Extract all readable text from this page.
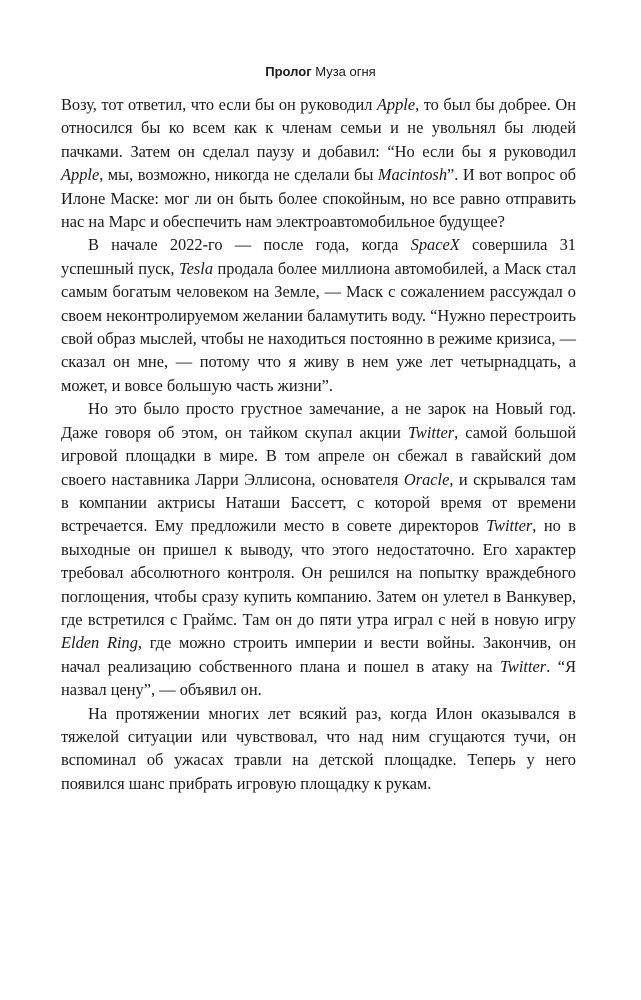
Пролог Муза огня

Возу, тот ответил, что если бы он руководил Apple, то был бы добрее. Он относился бы ко всем как к членам семьи и не увольнял бы людей пачками. Затем он сделал паузу и добавил: “Но если бы я руководил Apple, мы, возможно, никогда не сделали бы Macintosh”. И вот вопрос об Илоне Маске: мог ли он быть более спокойным, но все равно отправить нас на Марс и обеспечить нам электроавтомобильное будущее?

В начале 2022-го — после года, когда SpaceX совершила 31 успешный пуск, Tesla продала более миллиона автомобилей, а Маск стал самым богатым человеком на Земле, — Маск с сожалением рассуждал о своем неконтролируемом желании баламутить воду. “Нужно перестроить свой образ мыслей, чтобы не находиться постоянно в режиме кризиса, — сказал он мне, — потому что я живу в нем уже лет четырнадцать, а может, и вовсе большую часть жизни”.

Но это было просто грустное замечание, а не зарок на Новый год. Даже говоря об этом, он тайком скупал акции Twitter, самой большой игровой площадки в мире. В том апреле он сбежал в гавайский дом своего наставника Ларри Эллисона, основателя Oracle, и скрывался там в компании актрисы Наташи Бассетт, с которой время от времени встречается. Ему предложили место в совете директоров Twitter, но в выходные он пришел к выводу, что этого недостаточно. Его характер требовал абсолютного контроля. Он решился на попытку враждебного поглощения, чтобы сразу купить компанию. Затем он улетел в Ванкувер, где встретился с Граймс. Там он до пяти утра играл с ней в новую игру Elden Ring, где можно строить империи и вести войны. Закончив, он начал реализацию собственного плана и пошел в атаку на Twitter. “Я назвал цену”, — объявил он.

На протяжении многих лет всякий раз, когда Илон оказывался в тяжелой ситуации или чувствовал, что над ним сгущаются тучи, он вспоминал об ужасах травли на детской площадке. Теперь у него появился шанс прибрать игровую площадку к рукам.
